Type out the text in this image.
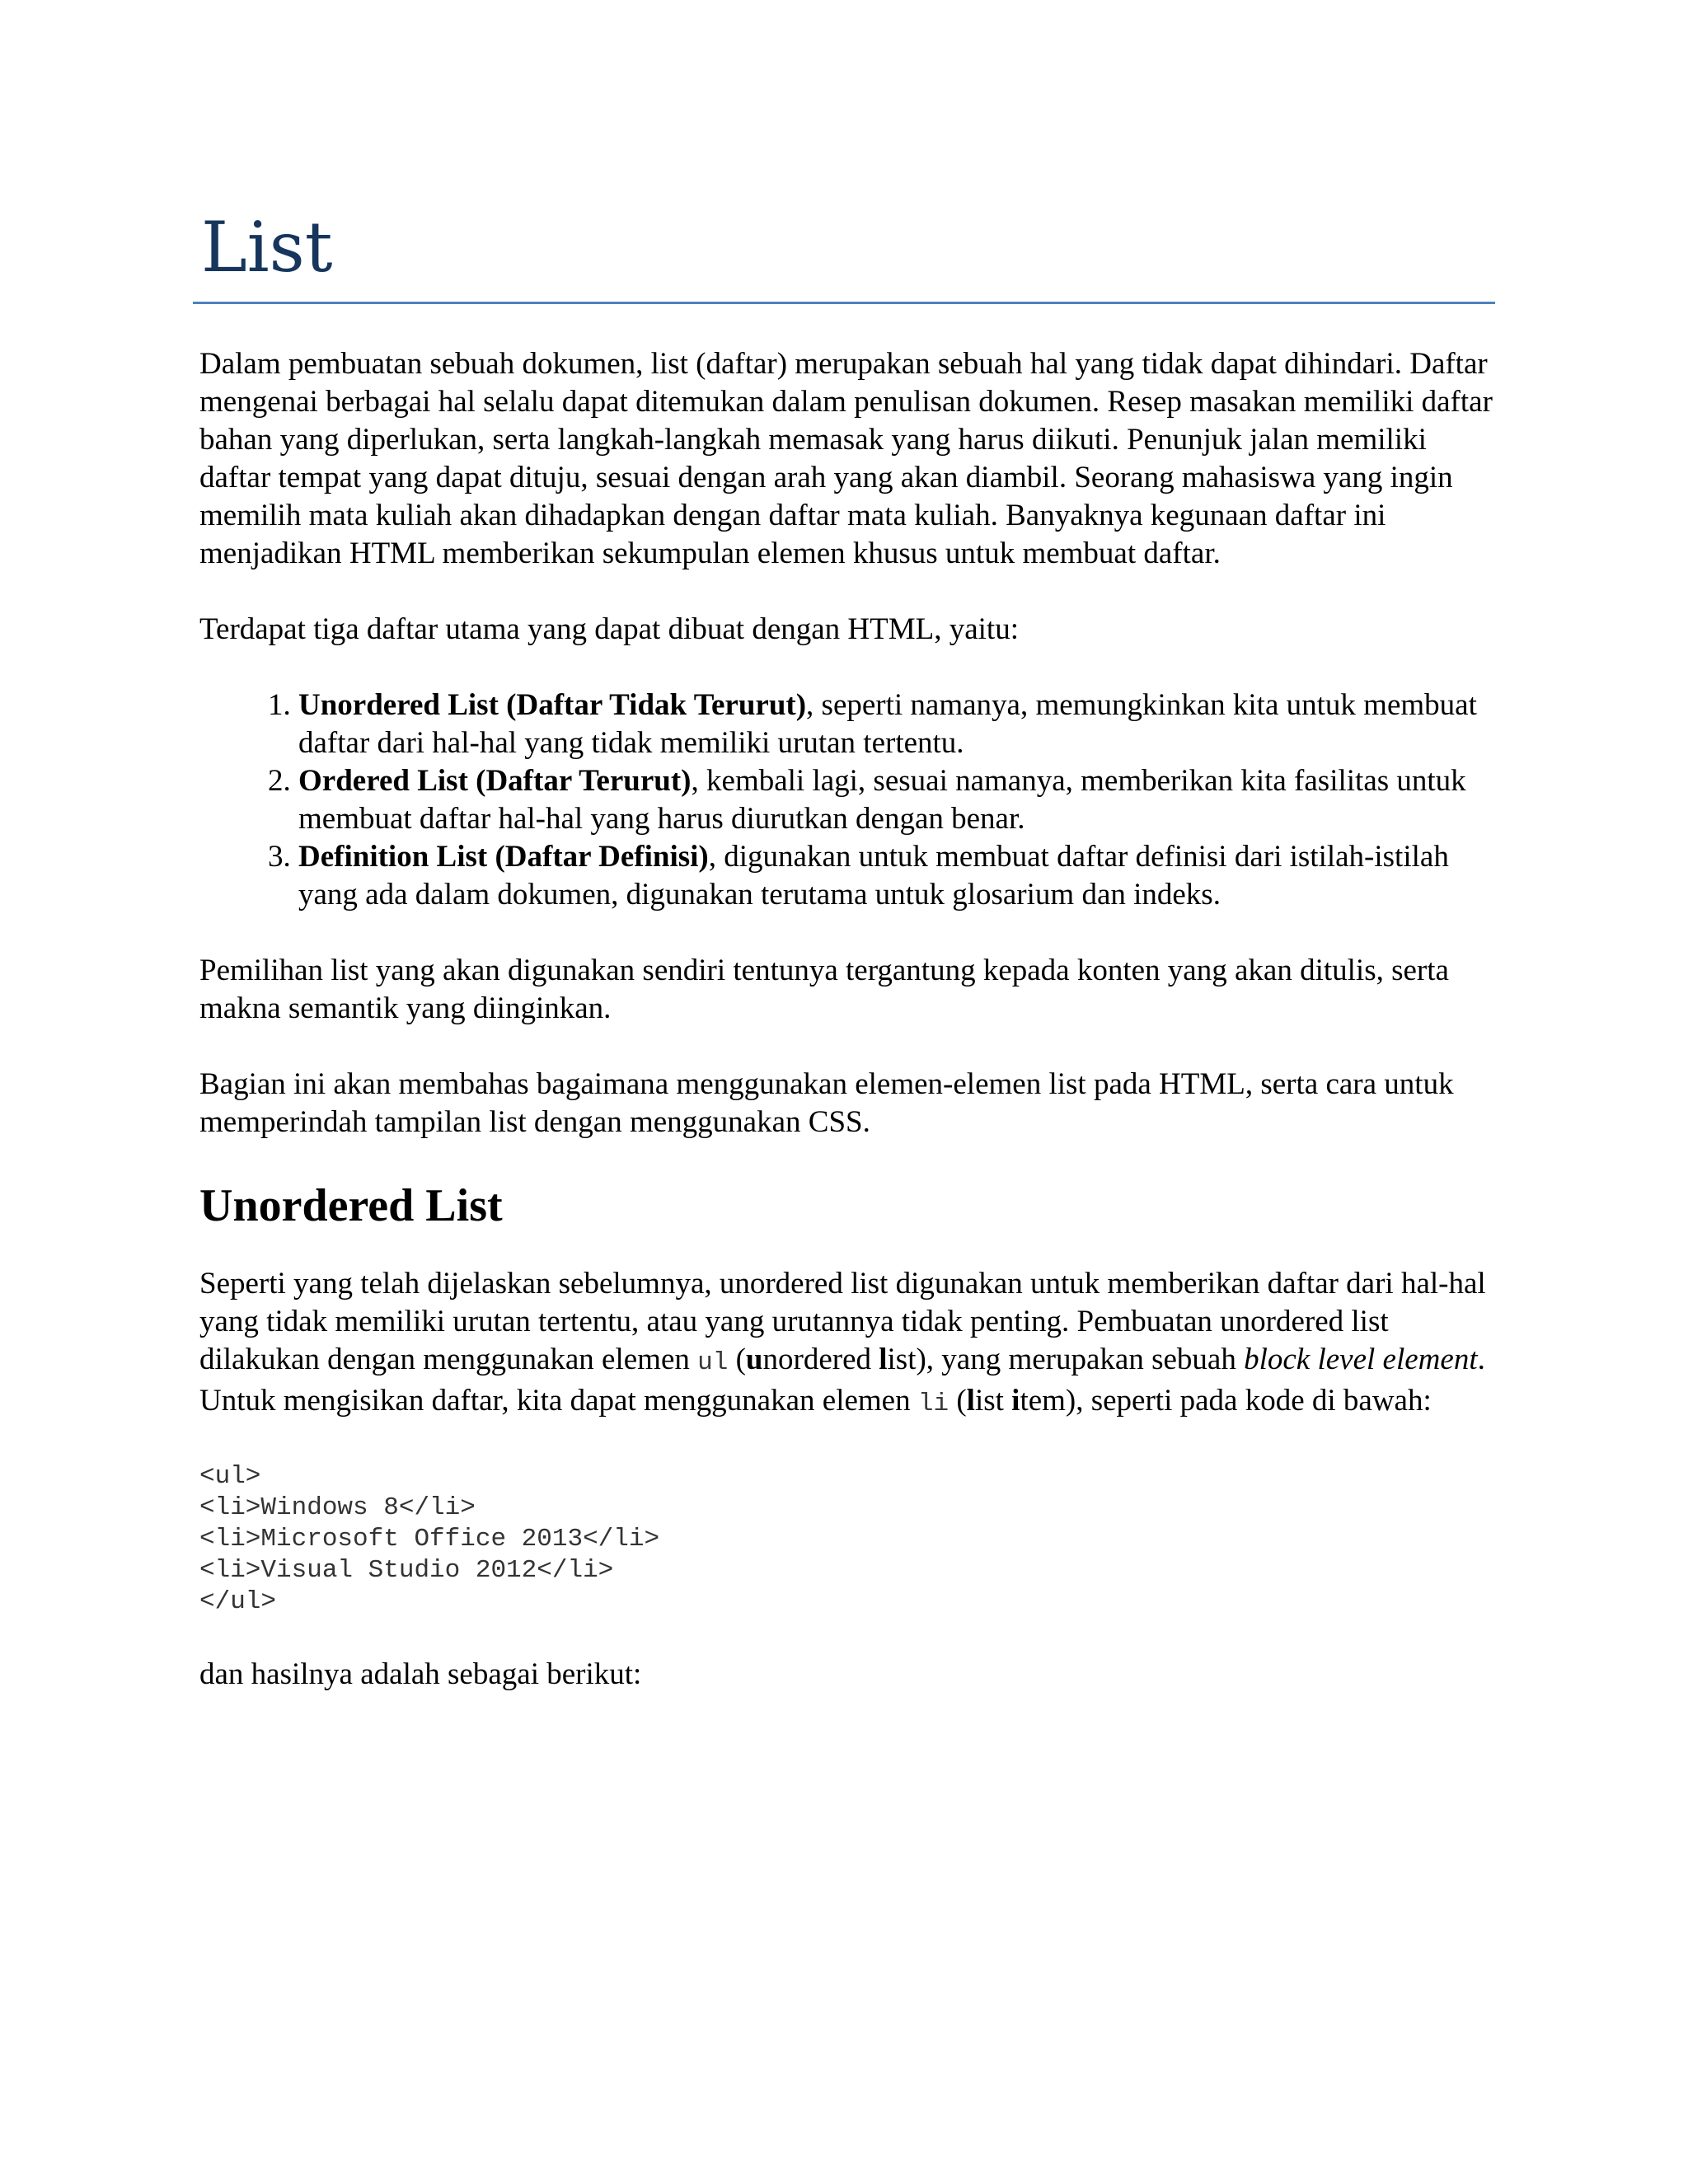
List

Dalam pembuatan sebuah dokumen, list (daftar) merupakan sebuah hal yang tidak dapat dihindari. Daftar mengenai berbagai hal selalu dapat ditemukan dalam penulisan dokumen. Resep masakan memiliki daftar bahan yang diperlukan, serta langkah-langkah memasak yang harus diikuti. Penunjuk jalan memiliki daftar tempat yang dapat dituju, sesuai dengan arah yang akan diambil. Seorang mahasiswa yang ingin memilih mata kuliah akan dihadapkan dengan daftar mata kuliah. Banyaknya kegunaan daftar ini menjadikan HTML memberikan sekumpulan elemen khusus untuk membuat daftar.

Terdapat tiga daftar utama yang dapat dibuat dengan HTML, yaitu:

1. Unordered List (Daftar Tidak Terurut), seperti namanya, memungkinkan kita untuk membuat daftar dari hal-hal yang tidak memiliki urutan tertentu.
2. Ordered List (Daftar Terurut), kembali lagi, sesuai namanya, memberikan kita fasilitas untuk membuat daftar hal-hal yang harus diurutkan dengan benar.
3. Definition List (Daftar Definisi), digunakan untuk membuat daftar definisi dari istilah-istilah yang ada dalam dokumen, digunakan terutama untuk glosarium dan indeks.

Pemilihan list yang akan digunakan sendiri tentunya tergantung kepada konten yang akan ditulis, serta makna semantik yang diinginkan.

Bagian ini akan membahas bagaimana menggunakan elemen-elemen list pada HTML, serta cara untuk memperindah tampilan list dengan menggunakan CSS.

Unordered List

Seperti yang telah dijelaskan sebelumnya, unordered list digunakan untuk memberikan daftar dari hal-hal yang tidak memiliki urutan tertentu, atau yang urutannya tidak penting. Pembuatan unordered list dilakukan dengan menggunakan elemen ul (unordered list), yang merupakan sebuah block level element. Untuk mengisikan daftar, kita dapat menggunakan elemen li (list item), seperti pada kode di bawah:

<ul>
<li>Windows 8</li>
<li>Microsoft Office 2013</li>
<li>Visual Studio 2012</li>
</ul>

dan hasilnya adalah sebagai berikut:
